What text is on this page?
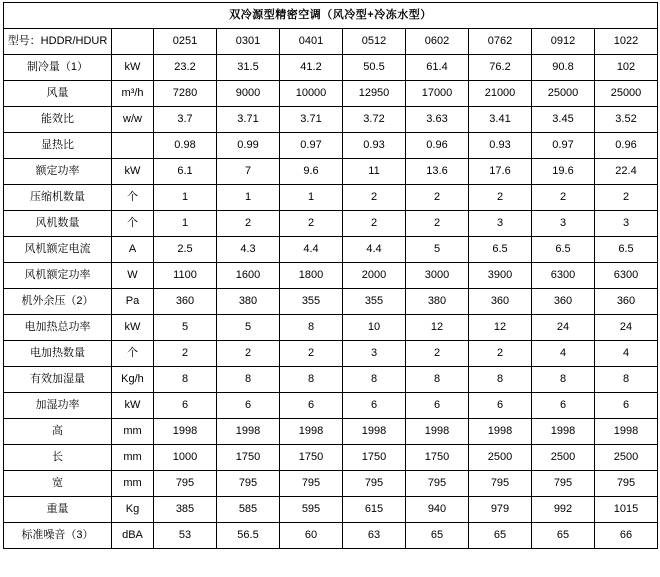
双冷源型精密空调（风冷型+冷冻水型）									
型号：HDDR/HDUR		0251	0301	0401	0512	0602	0762	0912	1022
制冷量（1）	kW	23.2	31.5	41.2	50.5	61.4	76.2	90.8	102
风量	m³/h	7280	9000	10000	12950	17000	21000	25000	25000
能效比	w/w	3.7	3.71	3.71	3.72	3.63	3.41	3.45	3.52
显热比		0.98	0.99	0.97	0.93	0.96	0.93	0.97	0.96
额定功率	kW	6.1	7	9.6	11	13.6	17.6	19.6	22.4
压缩机数量	个	1	1	1	2	2	2	2	2
风机数量	个	1	2	2	2	2	3	3	3
风机额定电流	A	2.5	4.3	4.4	4.4	5	6.5	6.5	6.5
风机额定功率	W	1100	1600	1800	2000	3000	3900	6300	6300
机外余压（2）	Pa	360	380	355	355	380	360	360	360
电加热总功率	kW	5	5	8	10	12	12	24	24
电加热数量	个	2	2	2	3	2	2	4	4
有效加湿量	Kg/h	8	8	8	8	8	8	8	8
加湿功率	kW	6	6	6	6	6	6	6	6
高	mm	1998	1998	1998	1998	1998	1998	1998	1998
长	mm	1000	1750	1750	1750	1750	2500	2500	2500
宽	mm	795	795	795	795	795	795	795	795
重量	Kg	385	585	595	615	940	979	992	1015
标准噪音（3）	dBA	53	56.5	60	63	65	65	65	66
